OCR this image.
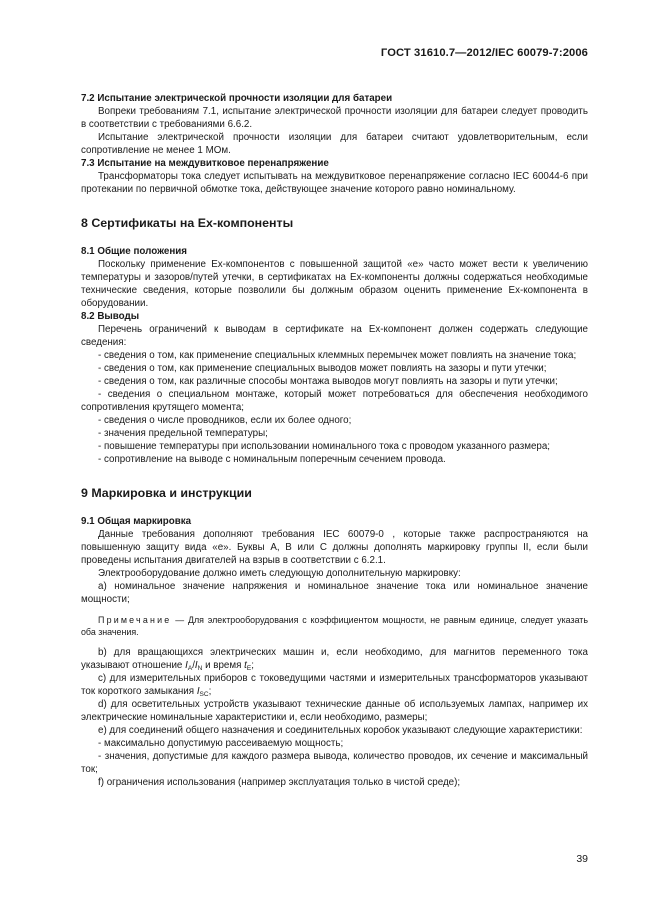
ГОСТ 31610.7—2012/IEC 60079-7:2006

7.2 Испытание электрической прочности изоляции для батареи

Вопреки требованиям 7.1, испытание электрической прочности изоляции для батареи следует проводить в соответствии с требованиями 6.6.2.

Испытание электрической прочности изоляции для батареи считают удовлетворительным, если сопротивление не менее 1 МОм.

7.3 Испытание на междувитковое перенапряжение

Трансформаторы тока следует испытывать на междувитковое перенапряжение согласно IEC 60044-6 при протекании по первичной обмотке тока, действующее значение которого равно номинальному.

8 Сертификаты на Ex-компоненты

8.1 Общие положения

Поскольку применение Ex-компонентов с повышенной защитой «е» часто может вести к увеличению температуры и зазоров/путей утечки, в сертификатах на Ex-компоненты должны содержаться необходимые технические сведения, которые позволили бы должным образом оценить применение Ex-компонента в оборудовании.

8.2 Выводы

Перечень ограничений к выводам в сертификате на Ex-компонент должен содержать следующие сведения:

- сведения о том, как применение специальных клеммных перемычек может повлиять на значение тока;

- сведения о том, как применение специальных выводов может повлиять на зазоры и пути утечки;

- сведения о том, как различные способы монтажа выводов могут повлиять на зазоры и пути утечки;

- сведения о специальном монтаже, который может потребоваться для обеспечения необходимого сопротивления крутящего момента;

- сведения о числе проводников, если их более одного;

- значения предельной температуры;

- повышение температуры при использовании номинального тока с проводом указанного размера;

- сопротивление на выводе с номинальным поперечным сечением провода.

9 Маркировка и инструкции

9.1 Общая маркировка

Данные требования дополняют требования IEC 60079-0 , которые также распространяются на повышенную защиту вида «е». Буквы А, В или С должны дополнять маркировку группы II, если были проведены испытания двигателей на взрыв в соответствии с 6.2.1.

Электрооборудование должно иметь следующую дополнительную маркировку:

a) номинальное значение напряжения и номинальное значение тока или номинальное значение мощности;

Примечание — Для электрооборудования с коэффициентом мощности, не равным единице, следует указать оба значения.

b) для вращающихся электрических машин и, если необходимо, для магнитов переменного тока указывают отношение $I_A/I_N$ и время $t_E$;

c) для измерительных приборов с токоведущими частями и измерительных трансформаторов указывают ток короткого замыкания $I_{SC}$;

d) для осветительных устройств указывают технические данные об используемых лампах, например их электрические номинальные характеристики и, если необходимо, размеры;

e) для соединений общего назначения и соединительных коробок указывают следующие характеристики:

- максимально допустимую рассеиваемую мощность;

- значения, допустимые для каждого размера вывода, количество проводов, их сечение и максимальный ток;

f) ограничения использования (например эксплуатация только в чистой среде);

39
